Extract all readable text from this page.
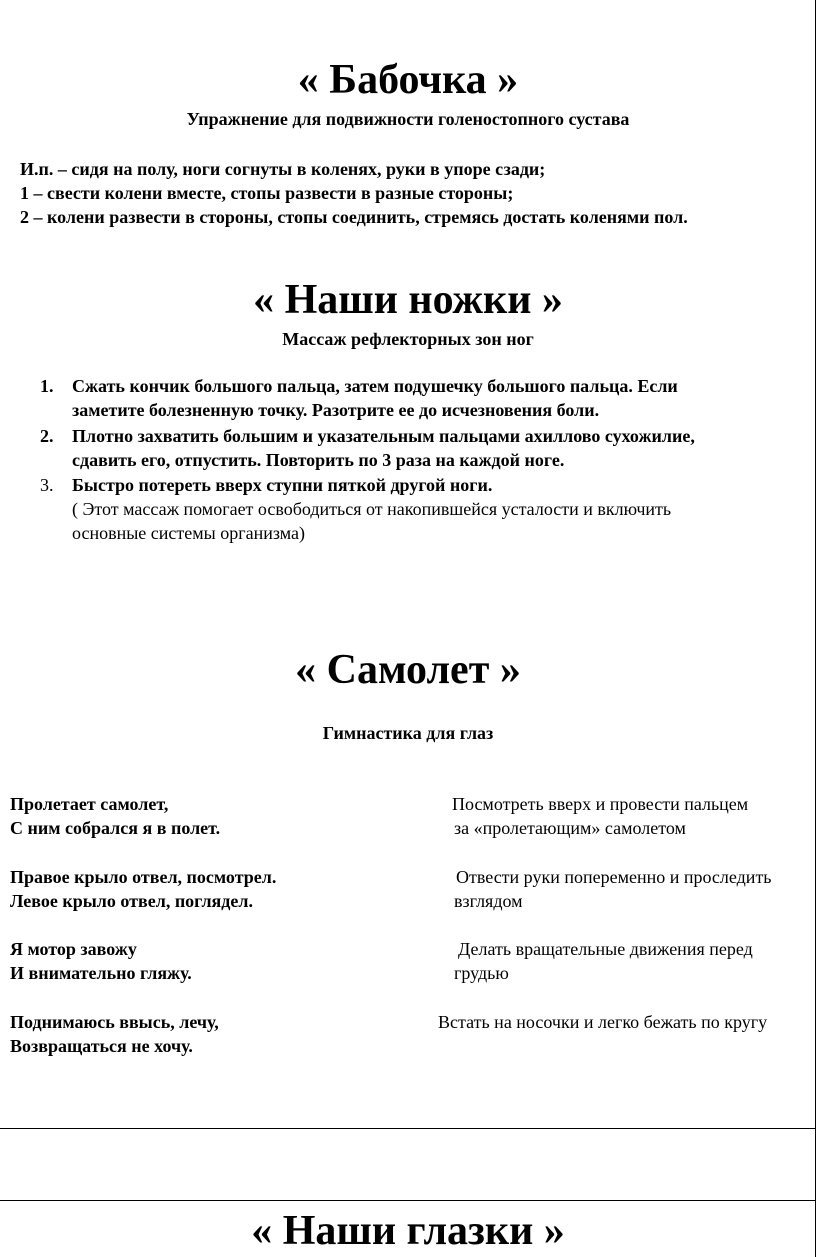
« Бабочка »
Упражнение для подвижности голеностопного сустава
И.п. – сидя на полу, ноги согнуты в коленях, руки в упоре сзади;
1 – свести колени вместе, стопы развести в разные стороны;
2 – колени развести в стороны, стопы соединить, стремясь достать коленями пол.
« Наши ножки »
Массаж рефлекторных зон ног
1. Сжать кончик большого пальца, затем подушечку большого пальца. Если
заметите болезненную точку. Разотрите ее до исчезновения боли.
2. Плотно захватить большим и указательным пальцами ахиллово сухожилие,
сдавить его, отпустить. Повторить по 3 раза на каждой ноге.
3. Быстро потереть вверх ступни пяткой другой ноги.
( Этот массаж помогает освободиться от накопившейся усталости и включить
основные системы организма)
« Самолет »
Гимнастика для глаз
Пролетает самолет,
С ним собрался я в полет.
Посмотреть вверх и провести пальцем
за «пролетающим» самолетом
Правое крыло отвел, посмотрел.
Левое крыло отвел, поглядел.
Отвести руки попеременно и проследить
взглядом
Я мотор завожу
И внимательно гляжу.
Делать вращательные движения перед
грудью
Поднимаюсь ввысь, лечу,
Возвращаться не хочу.
Встать на носочки и легко бежать по кругу
« Наши глазки »
